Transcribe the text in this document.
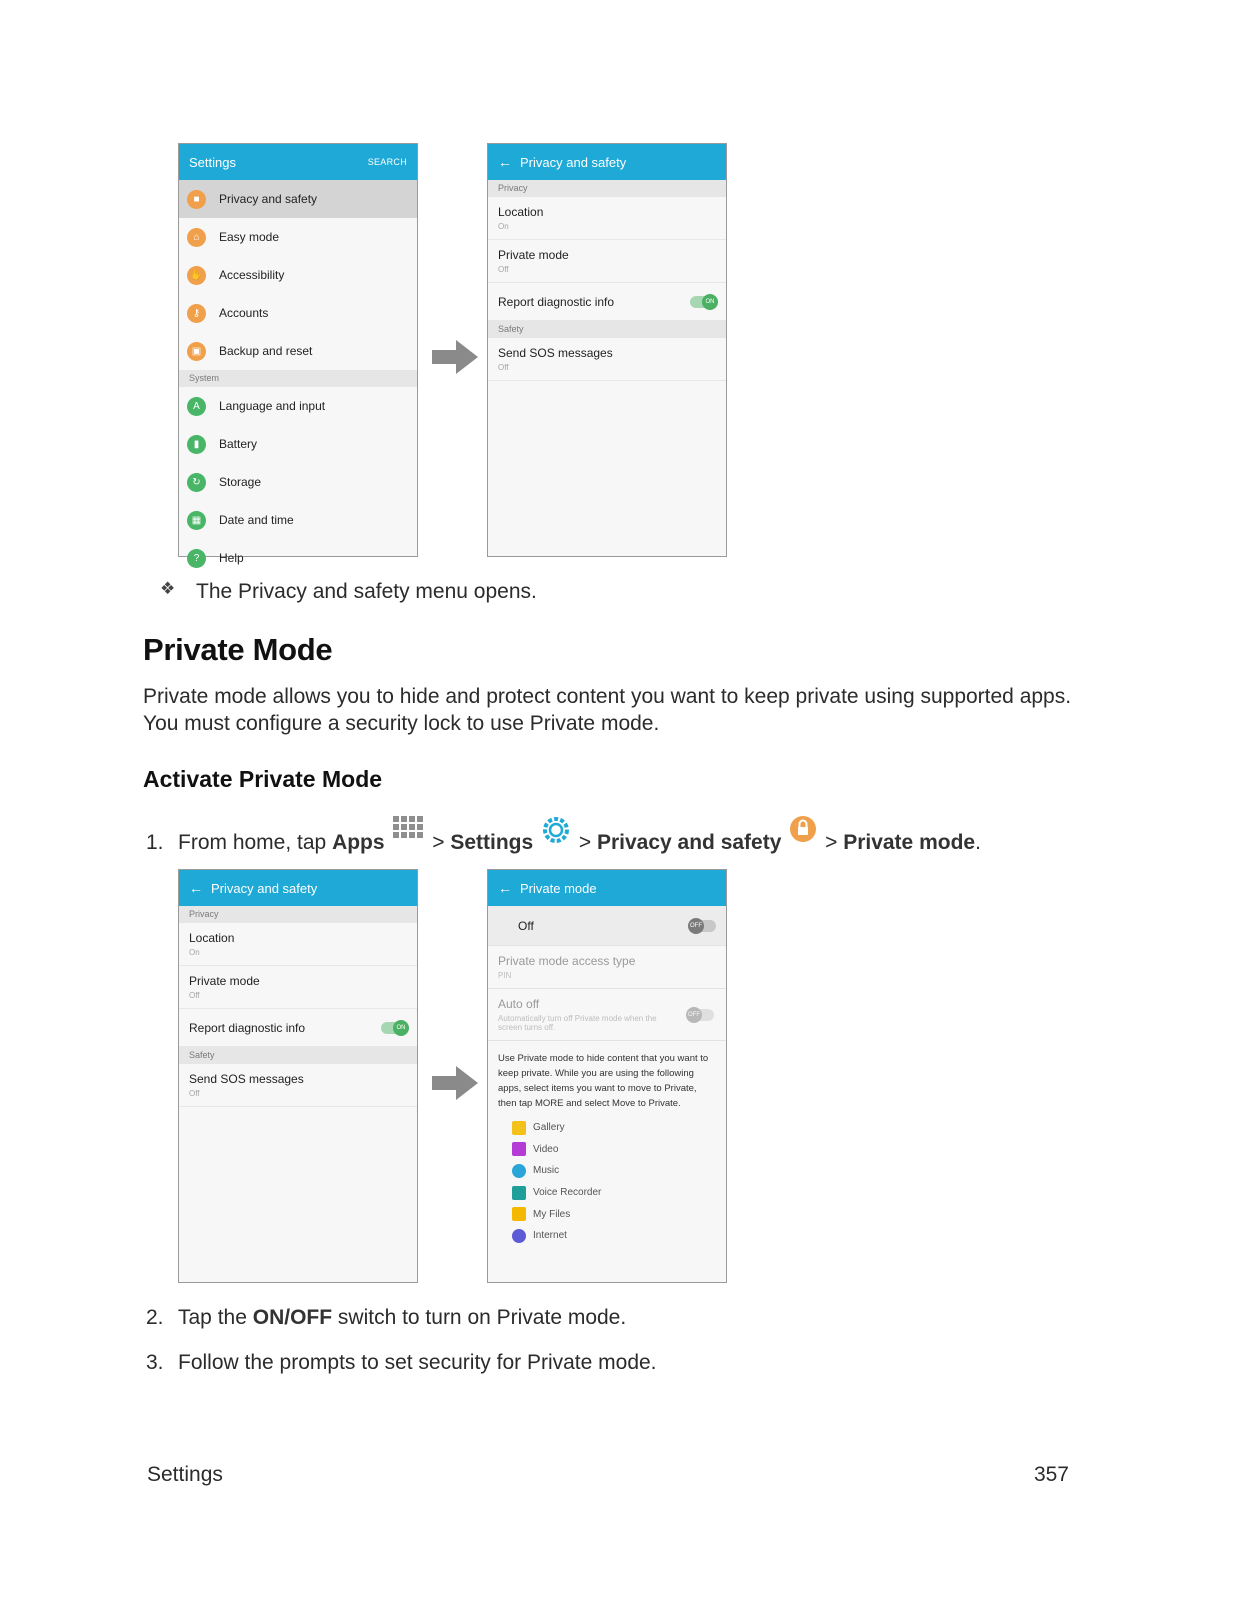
Settings	SEARCH
■	Privacy and safety
⌂	Easy mode
✋ Accessibility
⚷	Accounts
▣	Backup and reset
System
A	Language and input
▮	Battery
↻	Storage
▦	Date and time
?	Help
← Privacy and safety
Privacy
Location
On
Private mode
Off
Report diagnostic info	ON
Safety
Send SOS messages
Off
❖ The Privacy and safety menu opens.

Private Mode

Private mode allows you to hide and protect content you want to keep private using supported apps. You must configure a security lock to use Private mode.

Activate Private Mode

1. From home, tap Apps  > Settings  > Privacy and safety  > Private mode.

← Privacy and safety
Privacy
Location
On
Private mode
Off
Report diagnostic info	ON
Safety
Send SOS messages
Off
← Private mode
Off	OFF
Private mode access type
PIN
Auto off
Automatically turn off Private mode when the screen turns off.
OFF
Use Private mode to hide content that you want to keep private. While you are using the following apps, select items you want to move to Private, then tap MORE and select Move to Private.
Gallery
Video
Music
Voice Recorder
My Files
Internet

2. Tap the ON/OFF switch to turn on Private mode.

3. Follow the prompts to set security for Private mode.

Settings	357
